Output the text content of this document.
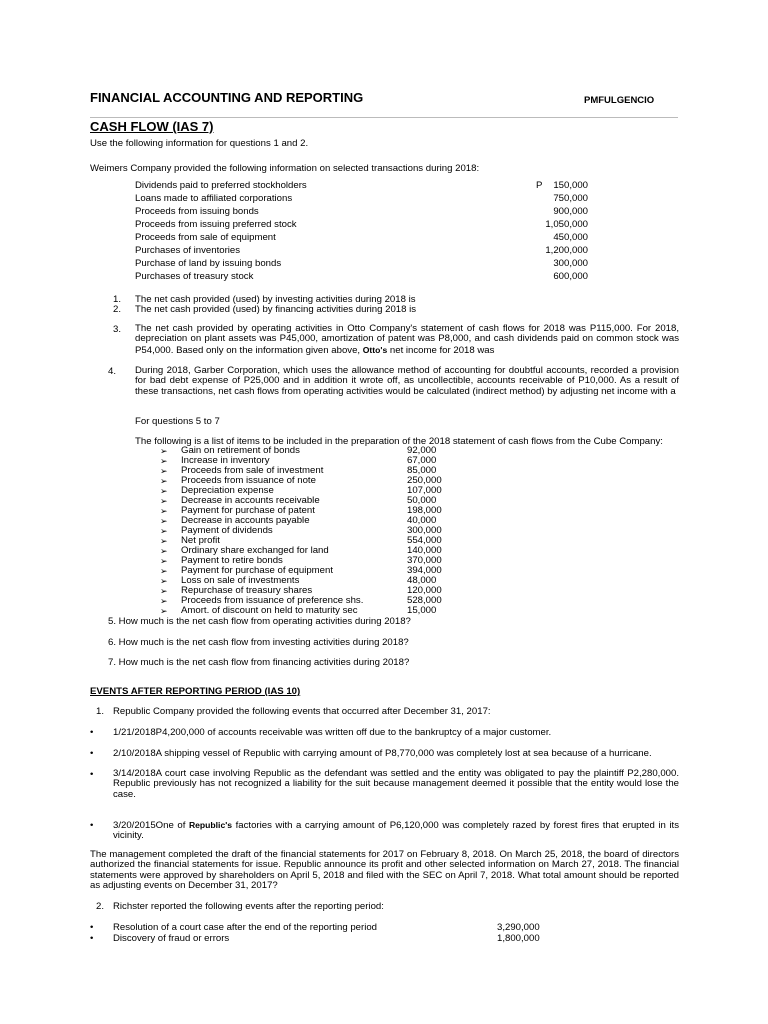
FINANCIAL ACCOUNTING AND REPORTING	PMFULGENCIO
CASH FLOW (IAS 7)
Use the following information for questions 1 and 2.
Weimers Company provided the following information on selected transactions during 2018:
Dividends paid to preferred stockholders	150,000
P
Loans made to affiliated corporations	750,000
Proceeds from issuing bonds	900,000
Proceeds from issuing preferred stock	1,050,000
Proceeds from sale of equipment	450,000
Purchases of inventories	1,200,000
Purchase of land by issuing bonds	300,000
Purchases of treasury stock	600,000
1. The net cash provided (used) by investing activities during 2018 is
2. The net cash provided (used) by financing activities during 2018 is
3. The net cash provided by operating activities in Otto Company's statement of cash flows for 2018 was P115,000. For 2018, depreciation on plant assets was P45,000, amortization of patent was P8,000, and cash dividends paid on common stock was P54,000. Based only on the information given above, Otto's net income for 2018 was
4. During 2018, Garber Corporation, which uses the allowance method of accounting for doubtful accounts, recorded a provision for bad debt expense of P25,000 and in addition it wrote off, as uncollectible, accounts receivable of P10,000. As a result of these transactions, net cash flows from operating activities would be calculated (indirect method) by adjusting net income with a
For questions 5 to 7
The following is a list of items to be included in the preparation of the 2018 statement of cash flows from the Cube Company:
➢ Gain on retirement of bonds	92,000
➢ Increase in inventory	67,000
➢ Proceeds from sale of investment	85,000
➢ Proceeds from issuance of note	250,000
➢ Depreciation expense	107,000
➢ Decrease in accounts receivable	50,000
➢ Payment for purchase of patent	198,000
➢ Decrease in accounts payable	40,000
➢ Payment of dividends	300,000
➢ Net profit	554,000
➢ Ordinary share exchanged for land	140,000
➢ Payment to retire bonds	370,000
➢ Payment for purchase of equipment	394,000
➢ Loss on sale of investments	48,000
➢ Repurchase of treasury shares	120,000
➢ Proceeds from issuance of preference shs.	528,000
➢ Amort. of discount on held to maturity sec	15,000
5. How much is the net cash flow from operating activities during 2018?
6. How much is the net cash flow from investing activities during 2018?
7. How much is the net cash flow from financing activities during 2018?
EVENTS AFTER REPORTING PERIOD (IAS 10)
1. Republic Company provided the following events that occurred after December 31, 2017:
• 1/21/2018P4,200,000 of accounts receivable was written off due to the bankruptcy of a major customer.
• 2/10/2018A shipping vessel of Republic with carrying amount of P8,770,000 was completely lost at sea because of a hurricane.
• 3/14/2018A court case involving Republic as the defendant was settled and the entity was obligated to pay the plaintiff P2,280,000. Republic previously has not recognized a liability for the suit because management deemed it possible that the entity would lose the case.
• 3/20/2015One of Republic's factories with a carrying amount of P6,120,000 was completely razed by forest fires that erupted in its vicinity.
The management completed the draft of the financial statements for 2017 on February 8, 2018. On March 25, 2018, the board of directors authorized the financial statements for issue. Republic announce its profit and other selected information on March 27, 2018. The financial statements were approved by shareholders on April 5, 2018 and filed with the SEC on April 7, 2018. What total amount should be reported as adjusting events on December 31, 2017?
2. Richster reported the following events after the reporting period:
• Resolution of a court case after the end of the reporting period	3,290,000
• Discovery of fraud or errors	1,800,000
